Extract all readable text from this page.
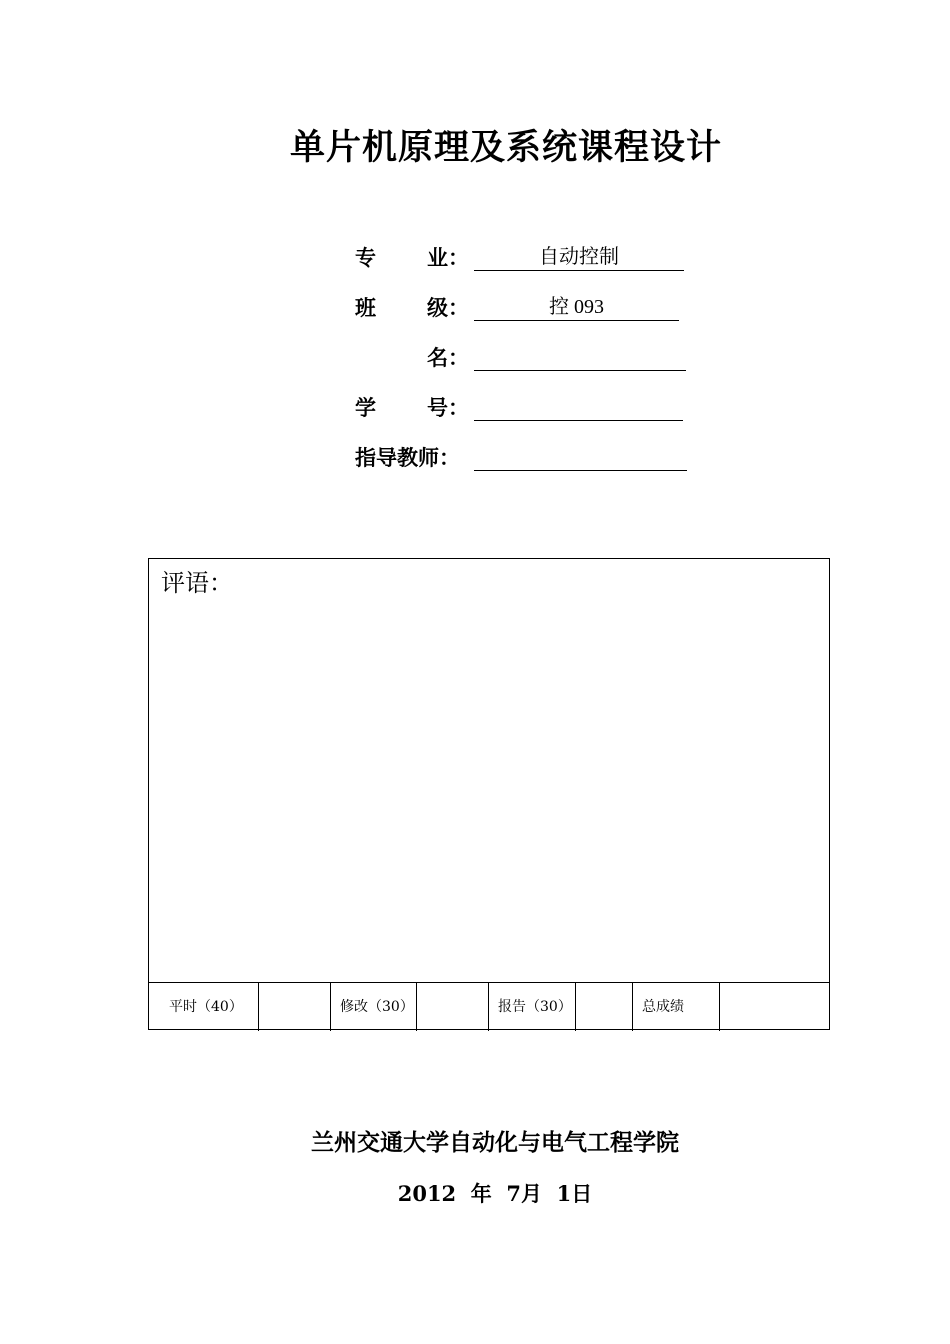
单片机原理及系统课程设计
专 业：	自动控制
班 级：	控 093
名：
学 号：
指导教师：
评语：
平时（40）	修改（30）	报告（30）	总成绩
兰州交通大学自动化与电气工程学院
2012  年  7月  1日
